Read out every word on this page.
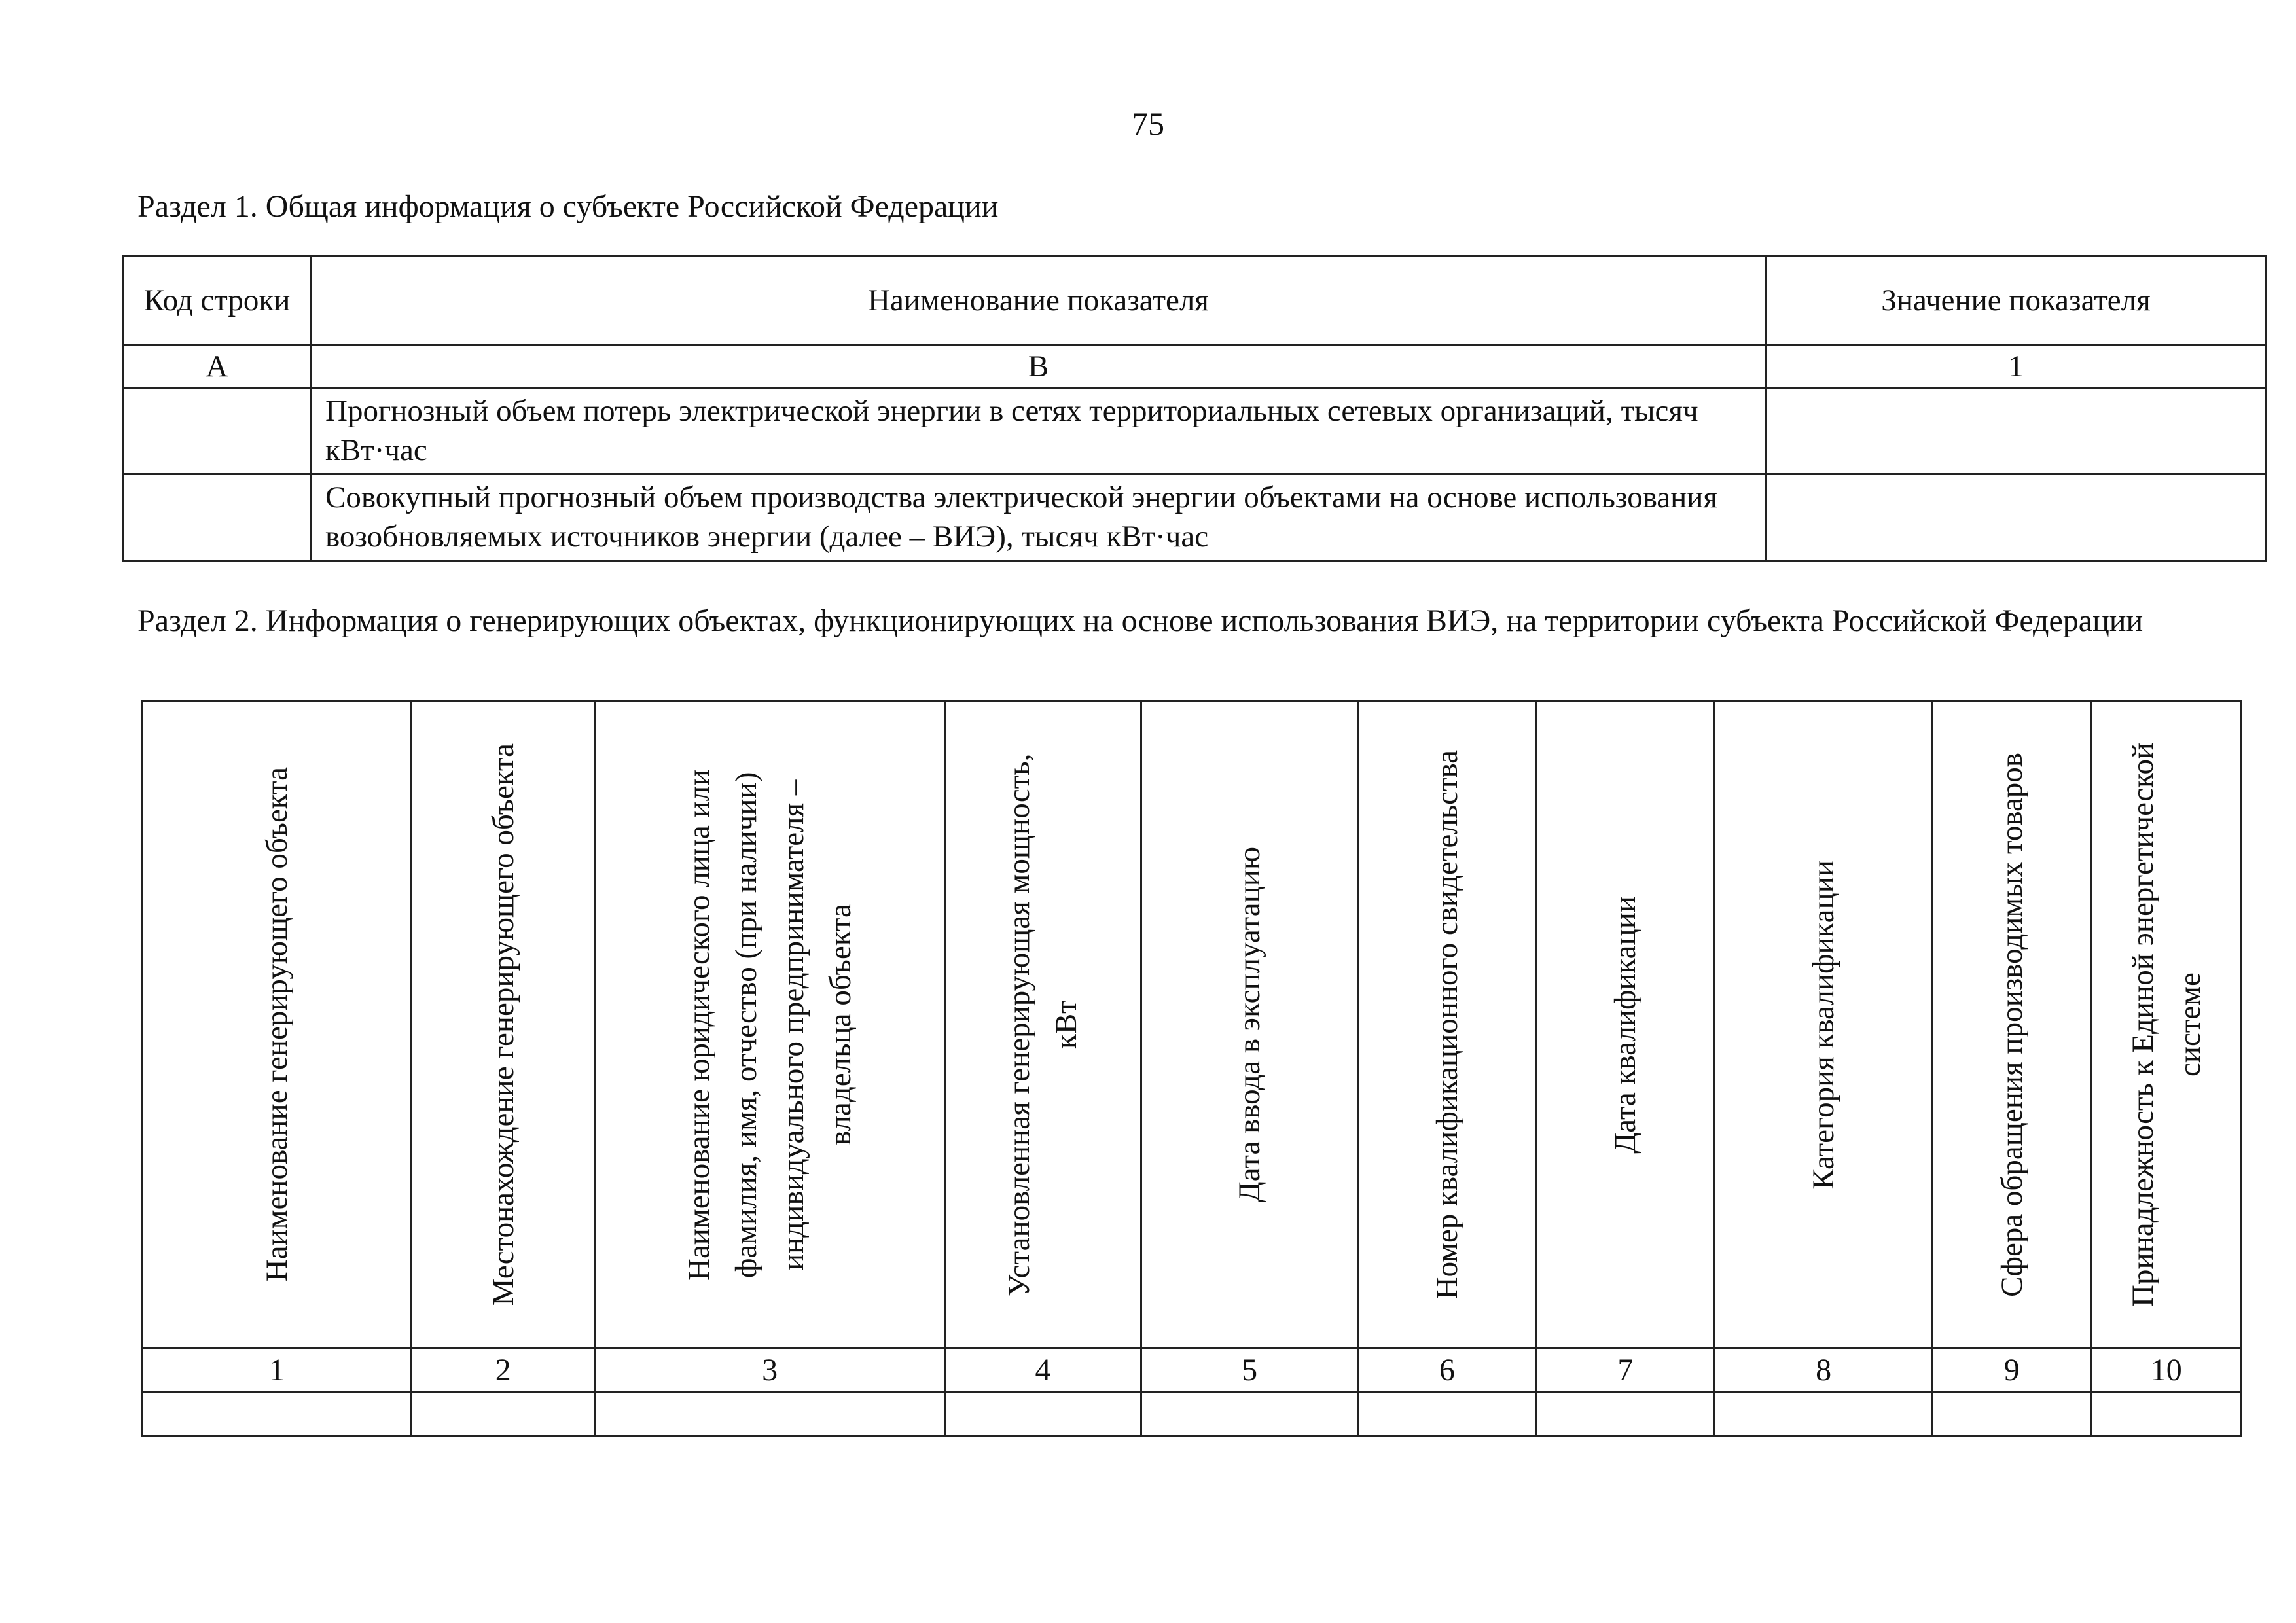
75
Раздел 1. Общая информация о субъекте Российской Федерации
Код строки	Наименование показателя	Значение показателя
А	В	1
	Прогнозный объем потерь электрической энергии в сетях территориальных сетевых организаций, тысяч кВт·час	
	Совокупный прогнозный объем производства электрической энергии объектами на основе использования возобновляемых источников энергии (далее – ВИЭ), тысяч кВт·час	
Раздел 2. Информация о генерирующих объектах, функционирующих на основе использования ВИЭ, на территории субъекта Российской Федерации
Наименование генерирующего объекта	Местонахождение генерирующего объекта	Наименование юридического лица или фамилия, имя, отчество (при наличии) индивидуального предпринимателя – владельца объекта	Установленная генерирующая мощность, кВт	Дата ввода в эксплуатацию	Номер квалификационного свидетельства	Дата квалификации	Категория квалификации	Сфера обращения производимых товаров	Принадлежность к Единой энергетической системе

1	2	3	4	5	6	7	8	9	10
